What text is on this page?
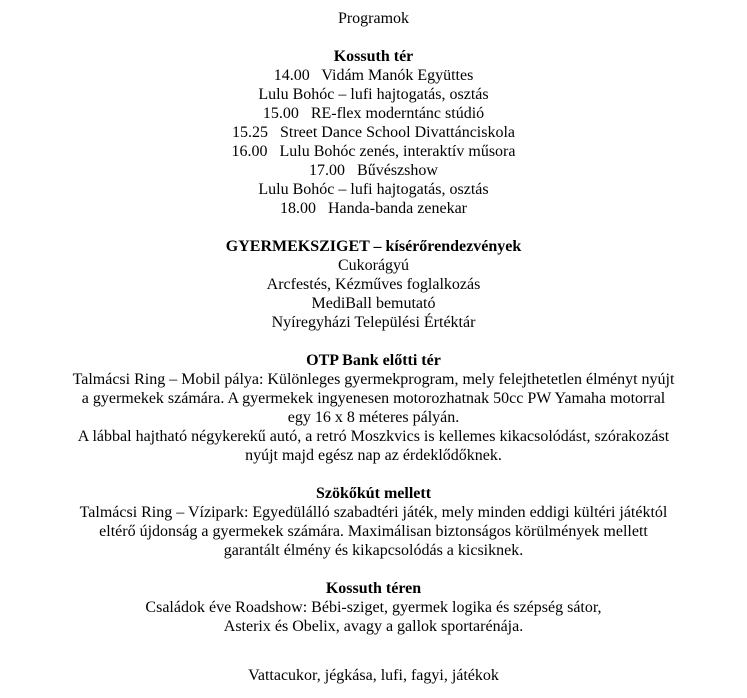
Programok
Kossuth tér
14.00   Vidám Manók Együttes
Lulu Bohóc – lufi hajtogatás, osztás
15.00   RE-flex moderntánc stúdió
15.25   Street Dance School Divattánciskola
16.00   Lulu Bohóc zenés, interaktív műsora
17.00   Bűvészshow
Lulu Bohóc – lufi hajtogatás, osztás
18.00   Handa-banda zenekar
GYERMEKSZIGET – kísérőrendezvények
Cukorágyú
Arcfestés, Kézműves foglalkozás
MediBall bemutató
Nyíregyházi Települési Értéktár
OTP Bank előtti tér
Talmácsi Ring – Mobil pálya: Különleges gyermekprogram, mely felejthetetlen élményt nyújt
a gyermekek számára. A gyermekek ingyenesen motorozhatnak 50cc PW Yamaha motorral
egy 16 x 8 méteres pályán.
A lábbal hajtható négykerekű autó, a retró Moszkvics is kellemes kikacsolódást, szórakozást
nyújt majd egész nap az érdeklődőknek.
Szökőkút mellett
Talmácsi Ring – Vízipark: Egyedülálló szabadtéri játék, mely minden eddigi kültéri játéktól
eltérő újdonság a gyermekek számára. Maximálisan biztonságos körülmények mellett
garantált élmény és kikapcsolódás a kicsiknek.
Kossuth téren
Családok éve Roadshow: Bébi-sziget, gyermek logika és szépség sátor,
Asterix és Obelix, avagy a gallok sportarénája.
Vattacukor, jégkása, lufi, fagyi, játékok
